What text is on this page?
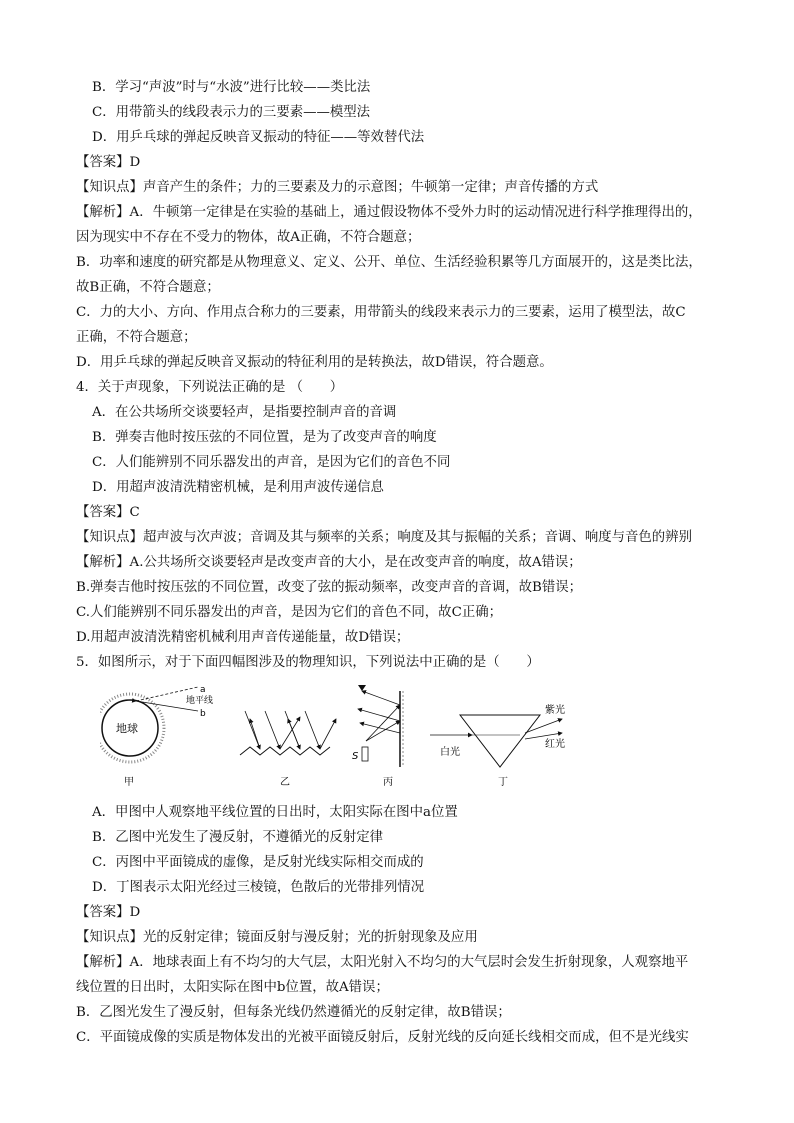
B．学习“声波”时与“水波”进行比较——类比法
C．用带箭头的线段表示力的三要素——模型法
D．用乒乓球的弹起反映音叉振动的特征——等效替代法
【答案】D
【知识点】声音产生的条件；力的三要素及力的示意图；牛顿第一定律；声音传播的方式
【解析】A．牛顿第一定律是在实验的基础上，通过假设物体不受外力时的运动情况进行科学推理得出的，
因为现实中不存在不受力的物体，故A正确，不符合题意；
B．功率和速度的研究都是从物理意义、定义、公开、单位、生活经验积累等几方面展开的，这是类比法，
故B正确，不符合题意；
C．力的大小、方向、作用点合称力的三要素，用带箭头的线段来表示力的三要素，运用了模型法，故C
正确，不符合题意；
D．用乒乓球的弹起反映音叉振动的特征利用的是转换法，故D错误，符合题意。
4．关于声现象，下列说法正确的是 （　　）
A．在公共场所交谈要轻声，是指要控制声音的音调
B．弹奏吉他时按压弦的不同位置，是为了改变声音的响度
C．人们能辨别不同乐器发出的声音，是因为它们的音色不同
D．用超声波清洗精密机械，是利用声波传递信息
【答案】C
【知识点】超声波与次声波；音调及其与频率的关系；响度及其与振幅的关系；音调、响度与音色的辨别
【解析】A.公共场所交谈要轻声是改变声音的大小，是在改变声音的响度，故A错误；
B.弹奏吉他时按压弦的不同位置，改变了弦的振动频率，改变声音的音调，故B错误；
C.人们能辨别不同乐器发出的声音，是因为它们的音色不同，故C正确；
D.用超声波清洗精密机械利用声音传递能量，故D错误；
5．如图所示，对于下面四幅图涉及的物理知识，下列说法中正确的是（　　）
地球
a
b
地平线
甲	乙
S
丙
白光
紫光
红光
丁
A．甲图中人观察地平线位置的日出时，太阳实际在图中a位置
B．乙图中光发生了漫反射，不遵循光的反射定律
C．丙图中平面镜成的虚像，是反射光线实际相交而成的
D．丁图表示太阳光经过三棱镜，色散后的光带排列情况
【答案】D
【知识点】光的反射定律；镜面反射与漫反射；光的折射现象及应用
【解析】A．地球表面上有不均匀的大气层，太阳光射入不均匀的大气层时会发生折射现象，人观察地平
线位置的日出时，太阳实际在图中b位置，故A错误；
B．乙图光发生了漫反射，但每条光线仍然遵循光的反射定律，故B错误；
C．平面镜成像的实质是物体发出的光被平面镜反射后，反射光线的反向延长线相交而成，但不是光线实
